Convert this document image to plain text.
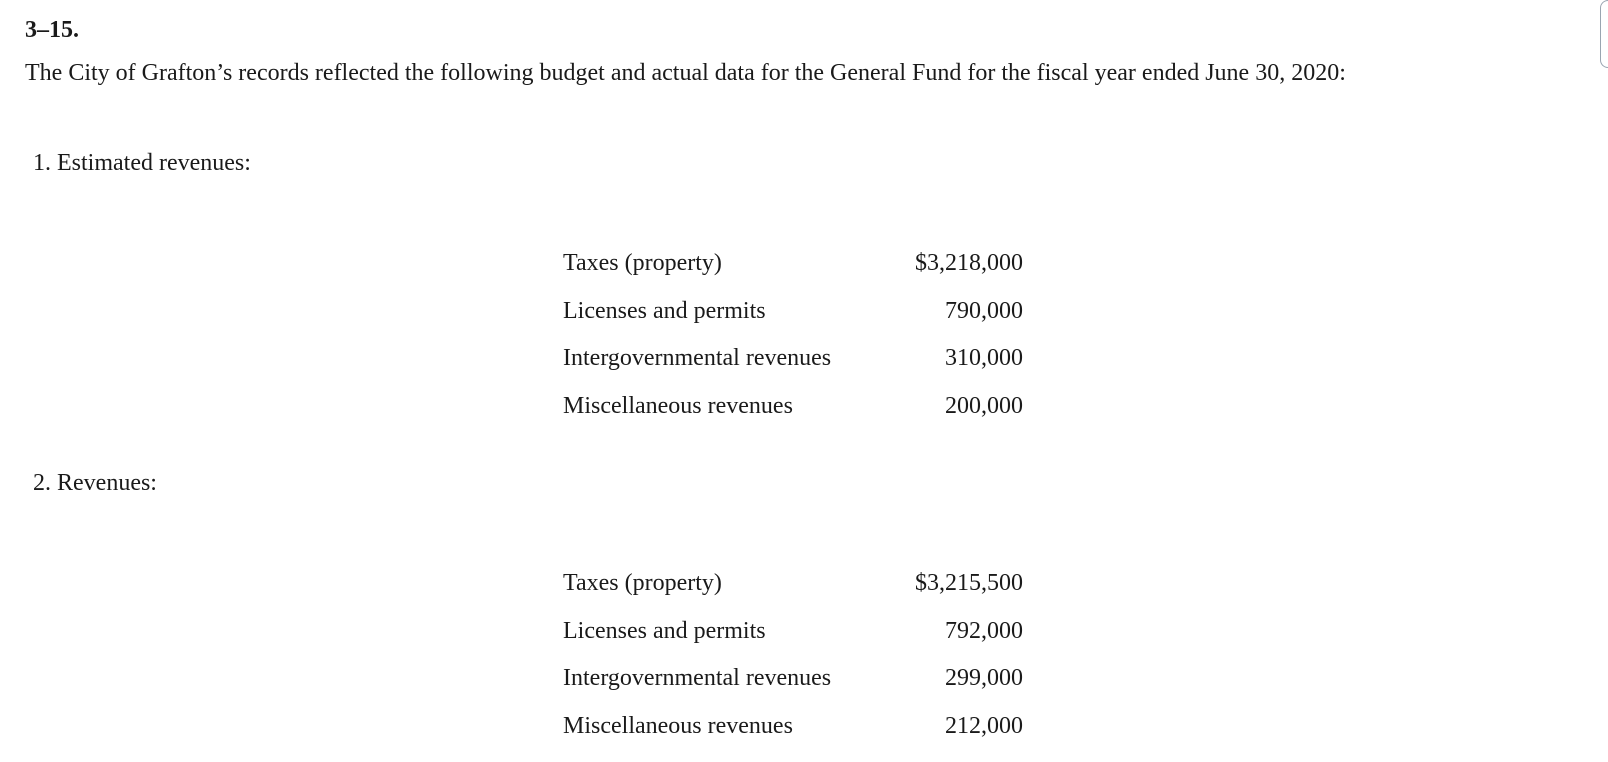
3–15.
The City of Grafton’s records reflected the following budget and actual data for the General Fund for the fiscal year ended June 30, 2020:
1. Estimated revenues:
Taxes (property)	$3,218,000
Licenses and permits	790,000
Intergovernmental revenues	310,000
Miscellaneous revenues	200,000
2. Revenues:
Taxes (property)	$3,215,500
Licenses and permits	792,000
Intergovernmental revenues	299,000
Miscellaneous revenues	212,000
